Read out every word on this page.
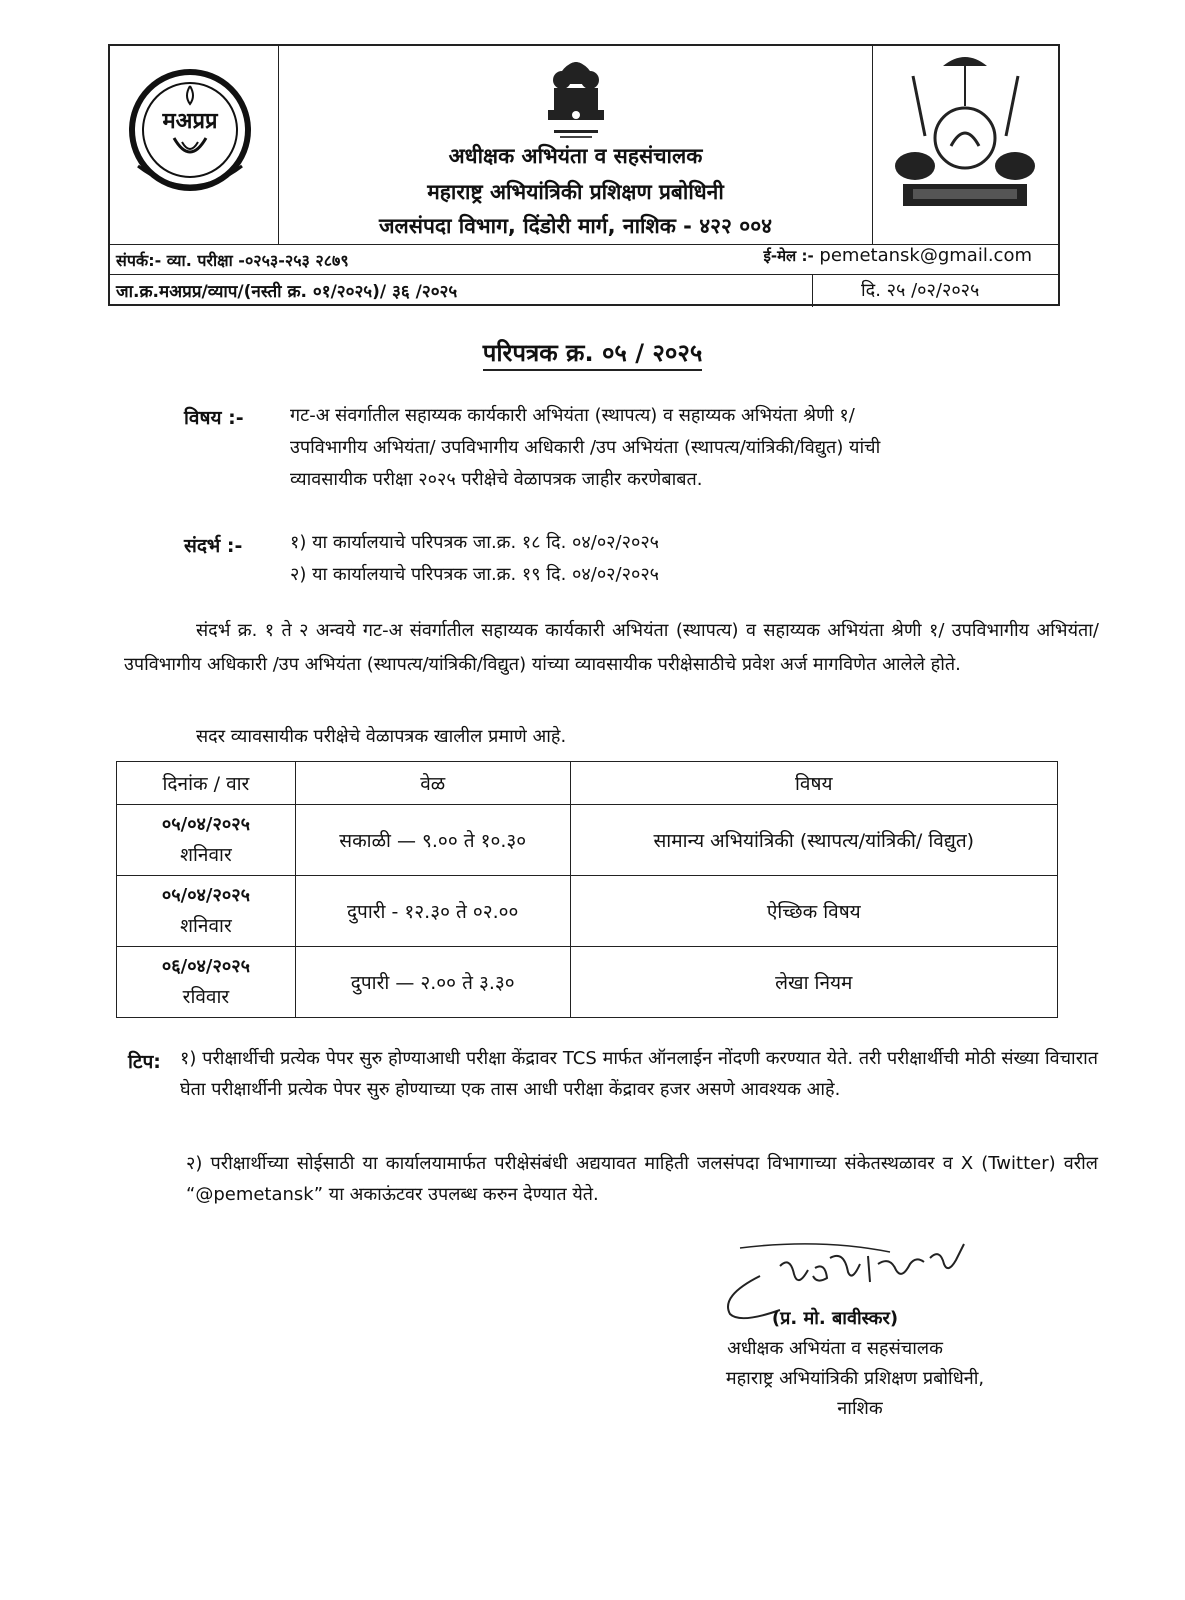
मअप्रप्र
अधीक्षक अभियंता व सहसंचालक
महाराष्ट्र अभियांत्रिकी प्रशिक्षण प्रबोधिनी
जलसंपदा विभाग, दिंडोरी मार्ग, नाशिक - ४२२ ००४
संपर्क:- व्या. परीक्षा -०२५३-२५३ २८७९	ई-मेल :- pemetansk@gmail.com
जा.क्र.मअप्रप्र/व्याप/(नस्ती क्र. ०१/२०२५)/ ३६ /२०२५	दि. २५ /०२/२०२५
परिपत्रक क्र. ०५ / २०२५
विषय :-	गट-अ संवर्गातील सहाय्यक कार्यकारी अभियंता (स्थापत्य) व सहाय्यक अभियंता श्रेणी १/
उपविभागीय अभियंता/ उपविभागीय अधिकारी /उप अभियंता (स्थापत्य/यांत्रिकी/विद्युत) यांची
व्यावसायीक परीक्षा २०२५ परीक्षेचे वेळापत्रक जाहीर करणेबाबत.
संदर्भ :-	१) या कार्यालयाचे परिपत्रक जा.क्र. १८ दि. ०४/०२/२०२५
२) या कार्यालयाचे परिपत्रक जा.क्र. १९ दि. ०४/०२/२०२५
संदर्भ क्र. १ ते २ अन्वये गट-अ संवर्गातील सहाय्यक कार्यकारी अभियंता (स्थापत्य) व सहाय्यक अभियंता श्रेणी १/ उपविभागीय अभियंता/ उपविभागीय अधिकारी /उप अभियंता (स्थापत्य/यांत्रिकी/विद्युत) यांच्या व्यावसायीक परीक्षेसाठीचे प्रवेश अर्ज मागविणेत आलेले होते.
सदर व्यावसायीक परीक्षेचे वेळापत्रक खालील प्रमाणे आहे.
दिनांक / वार	वेळ	विषय

०५/०४/२०२५
शनिवार	सकाळी — ९.०० ते १०.३०	सामान्य अभियांत्रिकी (स्थापत्य/यांत्रिकी/ विद्युत)

०५/०४/२०२५
शनिवार	दुपारी - १२.३० ते ०२.००	ऐच्छिक विषय

०६/०४/२०२५
रविवार	दुपारी — २.०० ते ३.३०	लेखा नियम
टिप: १) परीक्षार्थीची प्रत्येक पेपर सुरु होण्याआधी परीक्षा केंद्रावर TCS मार्फत ऑनलाईन नोंदणी करण्यात येते. तरी परीक्षार्थीची मोठी संख्या विचारात घेता परीक्षार्थीनी प्रत्येक पेपर सुरु होण्याच्या एक तास आधी परीक्षा केंद्रावर हजर असणे आवश्यक आहे.
२) परीक्षार्थीच्या सोईसाठी या कार्यालयामार्फत परीक्षेसंबंधी अद्ययावत माहिती जलसंपदा विभागाच्या संकेतस्थळावर व X (Twitter) वरील “@pemetansk” या अकाऊंटवर उपलब्ध करुन देण्यात येते.
(प्र. मो. बावीस्कर)
अधीक्षक अभियंता व सहसंचालक
महाराष्ट्र अभियांत्रिकी प्रशिक्षण प्रबोधिनी,
नाशिक
